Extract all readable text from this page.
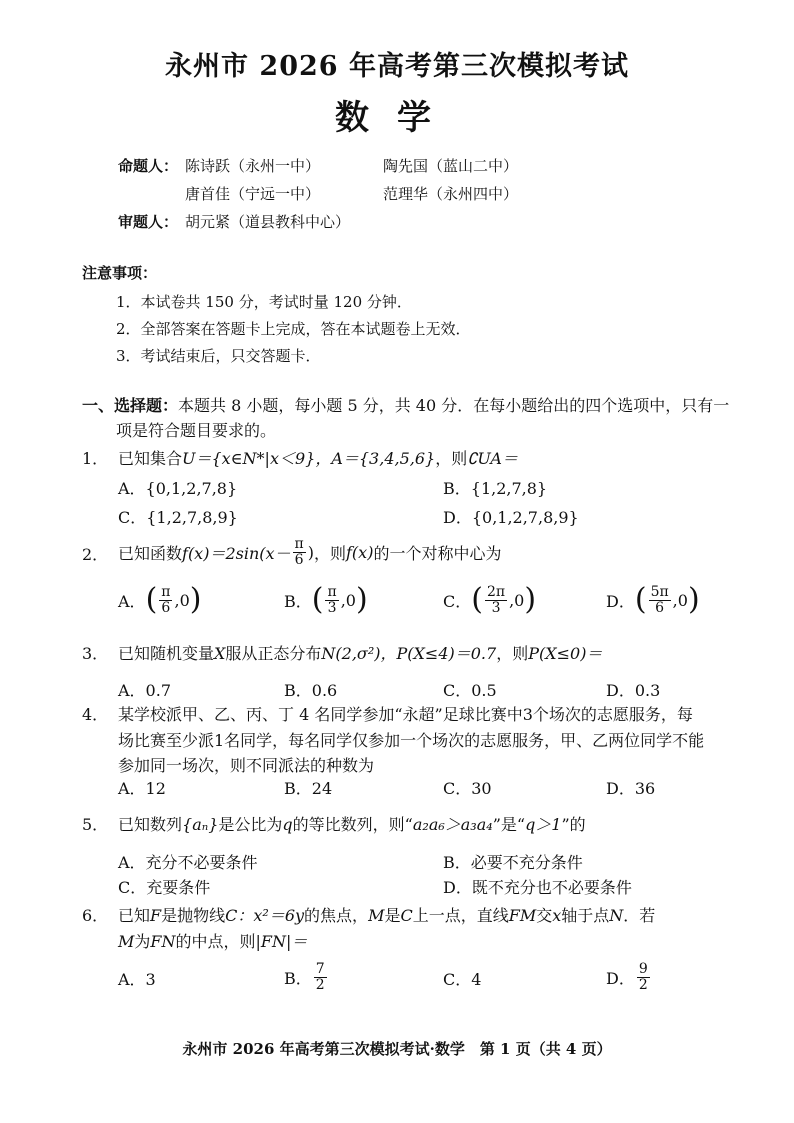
永州市 2026 年高考第三次模拟考试
数学
命题人： 陈诗跃（永州一中）	陶先国（蓝山二中）
唐首佳（宁远一中）	范理华（永州四中）
审题人： 胡元紧（道县教科中心）
注意事项：
1．本试卷共 150 分，考试时量 120 分钟．
2．全部答案在答题卡上完成，答在本试题卷上无效．
3．考试结束后，只交答题卡．
一、选择题：本题共 8 小题，每小题 5 分，共 40 分．在每小题给出的四个选项中，只有一
项是符合题目要求的。
1． 已知集合U＝{x∈N*|x＜9}，A＝{3,4,5,6}，则∁UA＝
A．{0,1,2,7,8}	B．{1,2,7,8}
C．{1,2,7,8,9}	D．{0,1,2,7,8,9}
2． 已知函数 $f(x)=2\sin(x- \frac{\pi}{6}$ ) ，则 f(x) 的一个对称中心为
A． ( $\frac{\pi}{6} ,0$ )	B． ( $\frac{\pi}{3} ,0$ )	C． ( $\frac{2\pi}{3} ,0$ )	D． ( $\frac{5\pi}{6} ,0$ )
3． 已知随机变量X服从正态分布N(2,σ²)，P(X≤4)＝0.7，则P(X≤0)＝
A．0.7	B．0.6	C．0.5	D．0.3
4． 某学校派甲、乙、丙、丁 4 名同学参加“永超”足球比赛中3个场次的志愿服务，每
场比赛至少派1名同学，每名同学仅参加一个场次的志愿服务，甲、乙两位同学不能
参加同一场次，则不同派法的种数为
A．12	B．24	C．30	D．36
5． 已知数列{aₙ}是公比为q的等比数列，则“a₂a₆＞a₃a₄”是“q＞1”的
A．充分不必要条件	B．必要不充分条件
C．充要条件	D．既不充分也不必要条件
6． 已知F是抛物线C：x²＝6y的焦点，M是C上一点，直线FM交x轴于点N．若
M为FN的中点，则|FN|＝
A．3	B． $\frac{7}{2}$	C．4	D． $\frac{9}{2}$
永州市 2026 年高考第三次模拟考试·数学　第 1 页（共 4 页）
